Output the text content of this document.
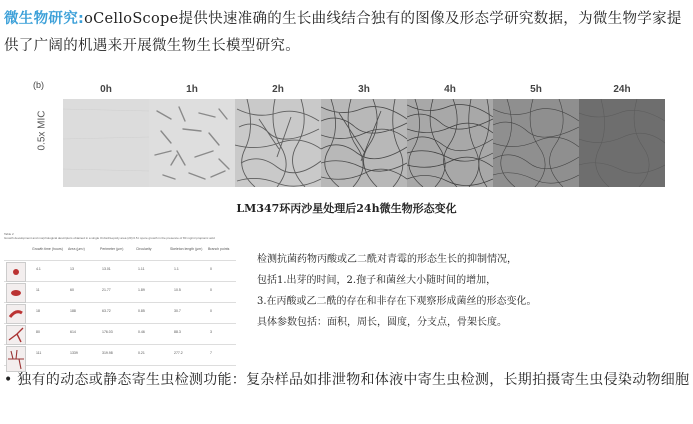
微生物研究:oCelloScope提供快速准确的生长曲线结合独有的图像及形态学研究数据，为微生物学家提供了广阔的机遇来开展微生物生长模型研究。
(b)
0.5x MIC
0h	1h	2h	3h	4h	5h	24h
LM347环丙沙星处理后24h微生物形态变化
Table 2
Growth development and morphological descriptors obtained in a single Oxford/Lepcdy area (20) 0.5× spore growth in the presence of 80 mg/ml propionic acid
Growth time (hours) Area (μm²)	Perimeter (μm)	Circularity	Skeleton length (μm) Branch points
4.1	13	13.01	1.11	1.1	0
11	60	21.77	1.89	10.5	0
18	188	63.72	0.85	30.7	0
80	614	176.03	0.46	88.3	3
111	1339	319.98	0.21	277.2	7
检测抗菌药物丙酸或乙二酰对青霉的形态生长的抑制情况，
包括1.出芽的时间，2.孢子和菌丝大小随时间的增加，
3.在丙酸或乙二酰的存在和非存在下观察形成菌丝的形态变化。
具体参数包括：面积，周长，圆度，分支点，骨架长度。
• 独有的动态或静态寄生虫检测功能：复杂样品如排泄物和体液中寄生虫检测，长期拍摄寄生虫侵染动物细胞
